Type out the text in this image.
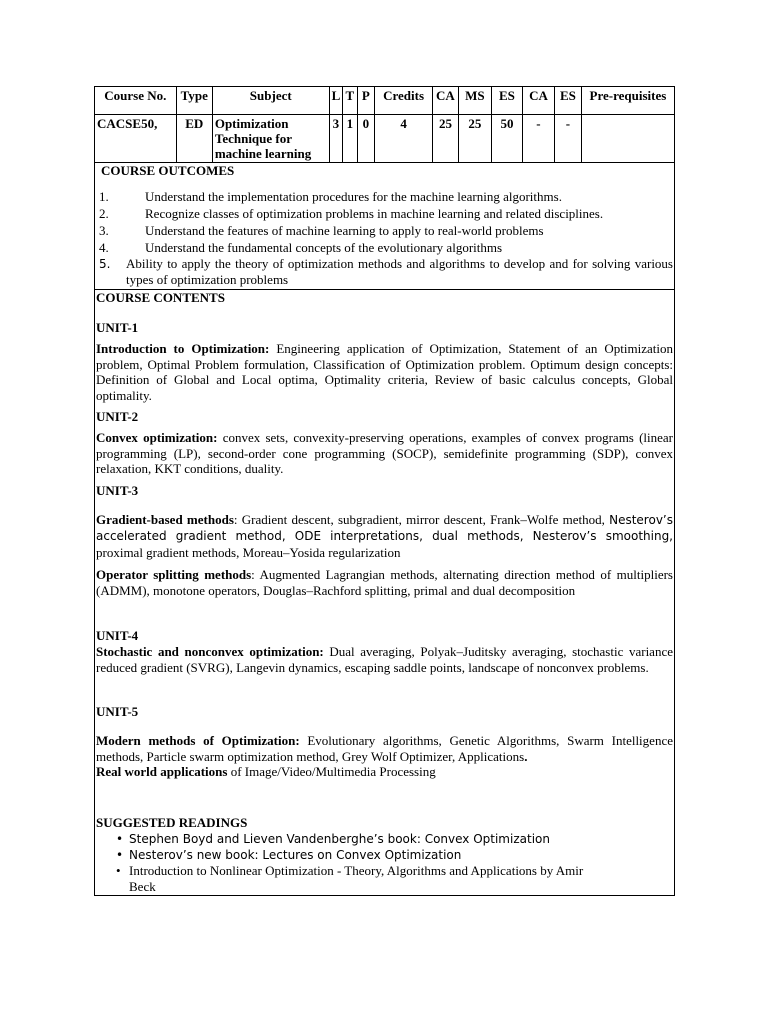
Course No.	Type	Subject	L	T	P	Credits	CA	MS	ES	CA	ES	Pre-requisites
CACSE50,	ED	Optimization Technique for machine learning	3	1	0	4	25	25	50	-	-	
COURSE OUTCOMES
1.	Understand the implementation procedures for the machine learning algorithms.
2.	Recognize classes of optimization problems in machine learning and related disciplines.
3.	Understand the features of machine learning to apply to real-world problems
4.	Understand the fundamental concepts of the evolutionary algorithms
5.	Ability to apply the theory of optimization methods and algorithms to develop and for solving various types of optimization problems
COURSE CONTENTS
UNIT-1

Introduction to Optimization: Engineering application of Optimization, Statement of an Optimization problem, Optimal Problem formulation, Classification of Optimization problem. Optimum design concepts: Definition of Global and Local optima, Optimality criteria, Review of basic calculus concepts, Global optimality.

UNIT-2

Convex optimization: convex sets, convexity-preserving operations, examples of convex programs (linear programming (LP), second-order cone programming (SOCP), semidefinite programming (SDP), convex relaxation, KKT conditions, duality.

UNIT-3

Gradient-based methods: Gradient descent, subgradient, mirror descent, Frank–Wolfe method, Nesterov’s accelerated gradient method, ODE interpretations, dual methods, Nesterov’s smoothing, proximal gradient methods, Moreau–Yosida regularization

Operator splitting methods: Augmented Lagrangian methods, alternating direction method of multipliers (ADMM), monotone operators, Douglas–Rachford splitting, primal and dual decomposition

UNIT-4

Stochastic and nonconvex optimization: Dual averaging, Polyak–Juditsky averaging, stochastic variance reduced gradient (SVRG), Langevin dynamics, escaping saddle points, landscape of nonconvex problems.

UNIT-5

Modern methods of Optimization: Evolutionary algorithms, Genetic Algorithms, Swarm Intelligence methods, Particle swarm optimization method, Grey Wolf Optimizer, Applications.

Real world applications of Image/Video/Multimedia Processing

SUGGESTED READINGS
• Stephen Boyd and Lieven Vandenberghe’s book: Convex Optimization
• Nesterov’s new book: Lectures on Convex Optimization
• Introduction to Nonlinear Optimization - Theory, Algorithms and Applications by Amir Beck
